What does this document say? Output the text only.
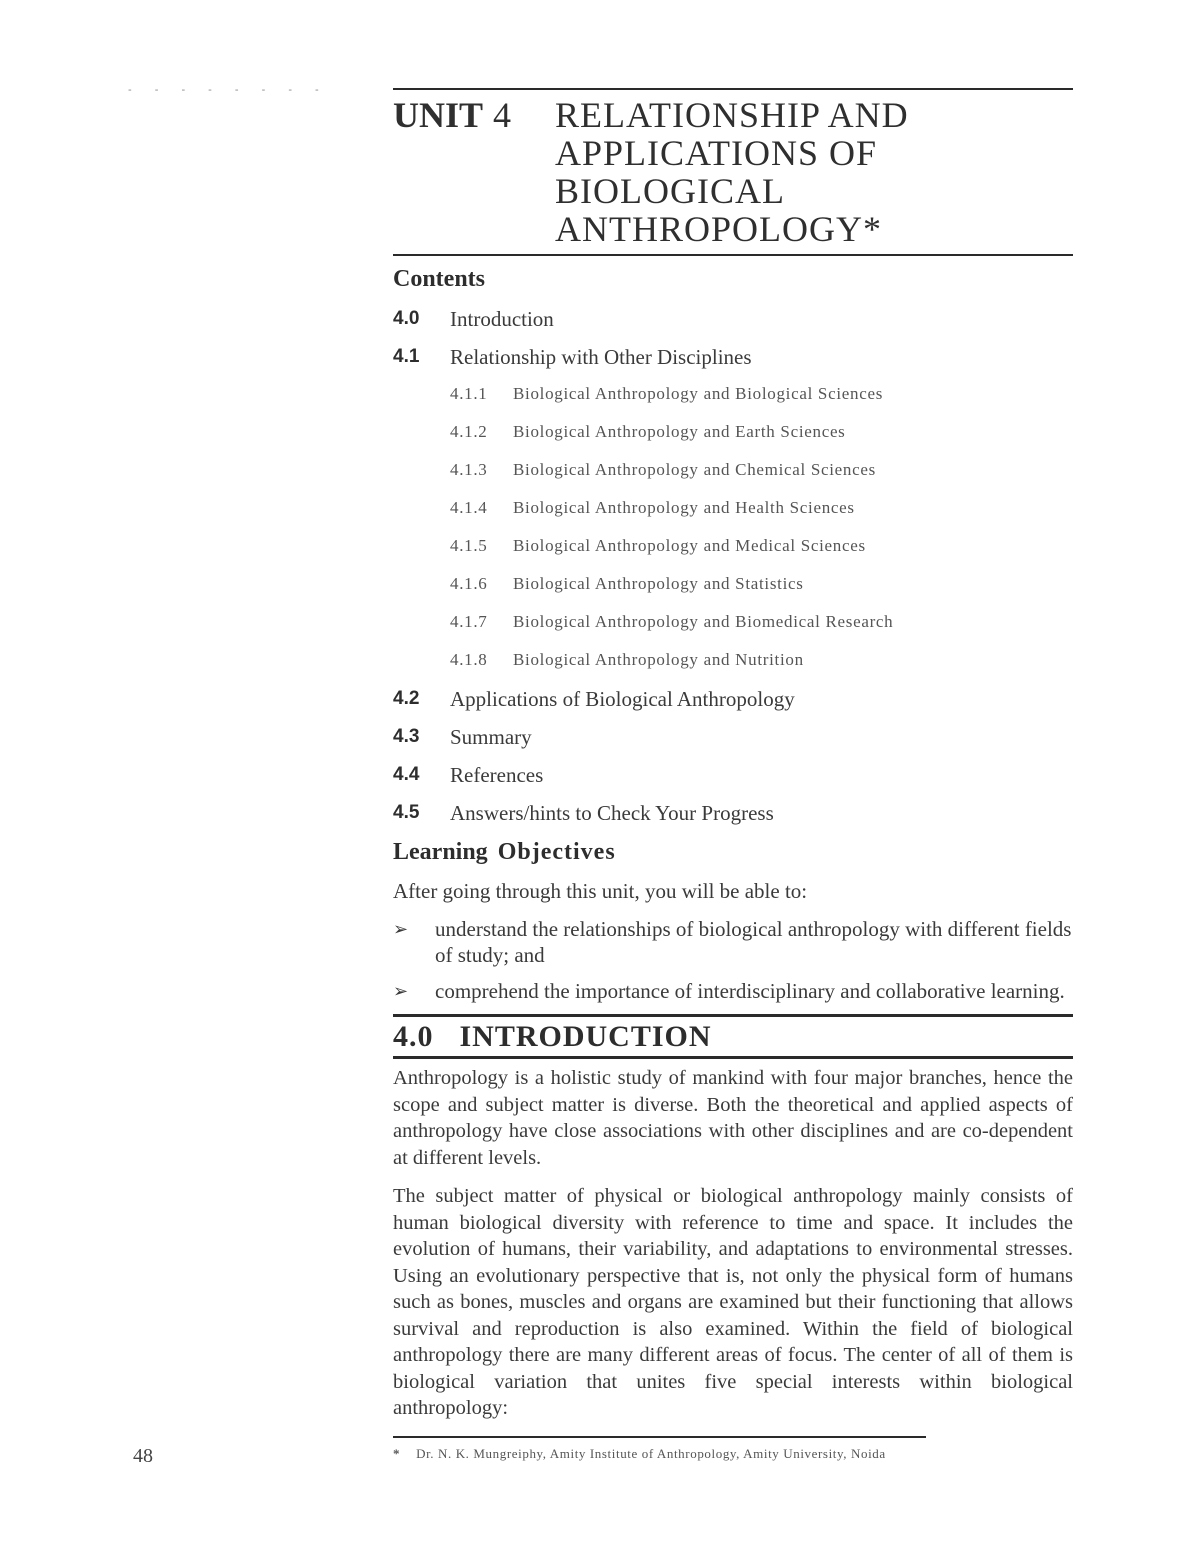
- - - - - - - -
UNIT 4	RELATIONSHIP AND
APPLICATIONS OF
BIOLOGICAL
ANTHROPOLOGY*
Contents
4.0	Introduction
4.1	Relationship with Other Disciplines
4.1.1	Biological Anthropology and Biological Sciences
4.1.2	Biological Anthropology and Earth Sciences
4.1.3	Biological Anthropology and Chemical Sciences
4.1.4	Biological Anthropology and Health Sciences
4.1.5	Biological Anthropology and Medical Sciences
4.1.6	Biological Anthropology and Statistics
4.1.7	Biological Anthropology and Biomedical Research
4.1.8	Biological Anthropology and Nutrition
4.2	Applications of Biological Anthropology
4.3	Summary
4.4	References
4.5	Answers/hints to Check Your Progress
Learning Objectives

After going through this unit, you will be able to:

➢	understand the relationships of biological anthropology with different fields of study; and
➢	comprehend the importance of interdisciplinary and collaborative learning.
4.0 INTRODUCTION

Anthropology is a holistic study of mankind with four major branches, hence the scope and subject matter is diverse. Both the theoretical and applied aspects of anthropology have close associations with other disciplines and are co-dependent at different levels.

The subject matter of physical or biological anthropology mainly consists of human biological diversity with reference to time and space. It includes the evolution of humans, their variability, and adaptations to environmental stresses. Using an evolutionary perspective that is, not only the physical form of humans such as bones, muscles and organs are examined but their functioning that allows survival and reproduction is also examined. Within the field of biological anthropology there are many different areas of focus. The center of all of them is biological variation that unites five special interests within biological anthropology:

* Dr. N. K. Mungreiphy, Amity Institute of Anthropology, Amity University, Noida
48
